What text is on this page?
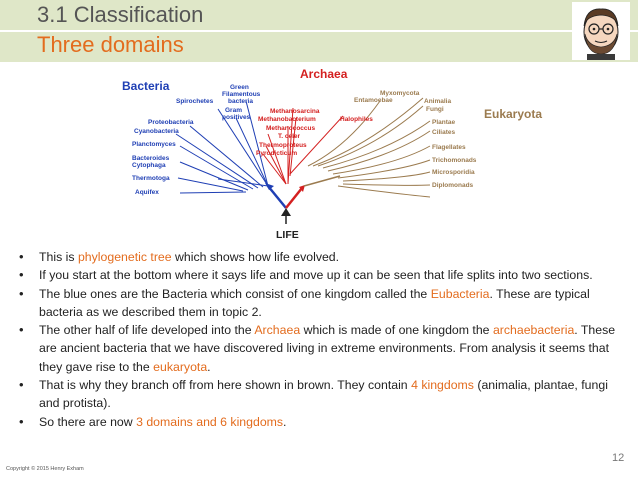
3.1 Classification
Three domains
Bacteria
Archaea
Eukaryota
Green
Filamentous
bacteria
Spirochetes
Gram
positives
Proteobacteria
Cyanobacteria
Planctomyces
Bacteroides
Cytophaga
Thermotoga
Aquifex
Methanosarcina
Methanobacterium	Halophiles
Methanococcus
T. celer
Thermoproteus
Pyrodicticum
Entamoebae
Myxomycota
Animalia
Fungi
Plantae
Ciliates
Flagellates
Trichomonads
Microsporidia
Diplomonads
LIFE
• This is phylogenetic tree which shows how life evolved.
• If you start at the bottom where it says life and move up it can be seen that life splits into two sections.
• The blue ones are the Bacteria which consist of one kingdom called the Eubacteria. These are typical bacteria as we described them in topic 2.
• The other half of life developed into the Archaea which is made of one kingdom the archaebacteria. These are ancient bacteria that we have discovered living in extreme environments. From analysis it seems that they gave rise to the eukaryota.
• That is why they branch off from here shown in brown. They contain 4 kingdoms (animalia, plantae, fungi and protista).
• So there are now 3 domains and 6 kingdoms.
Copyright © 2015 Henry Exham
12
